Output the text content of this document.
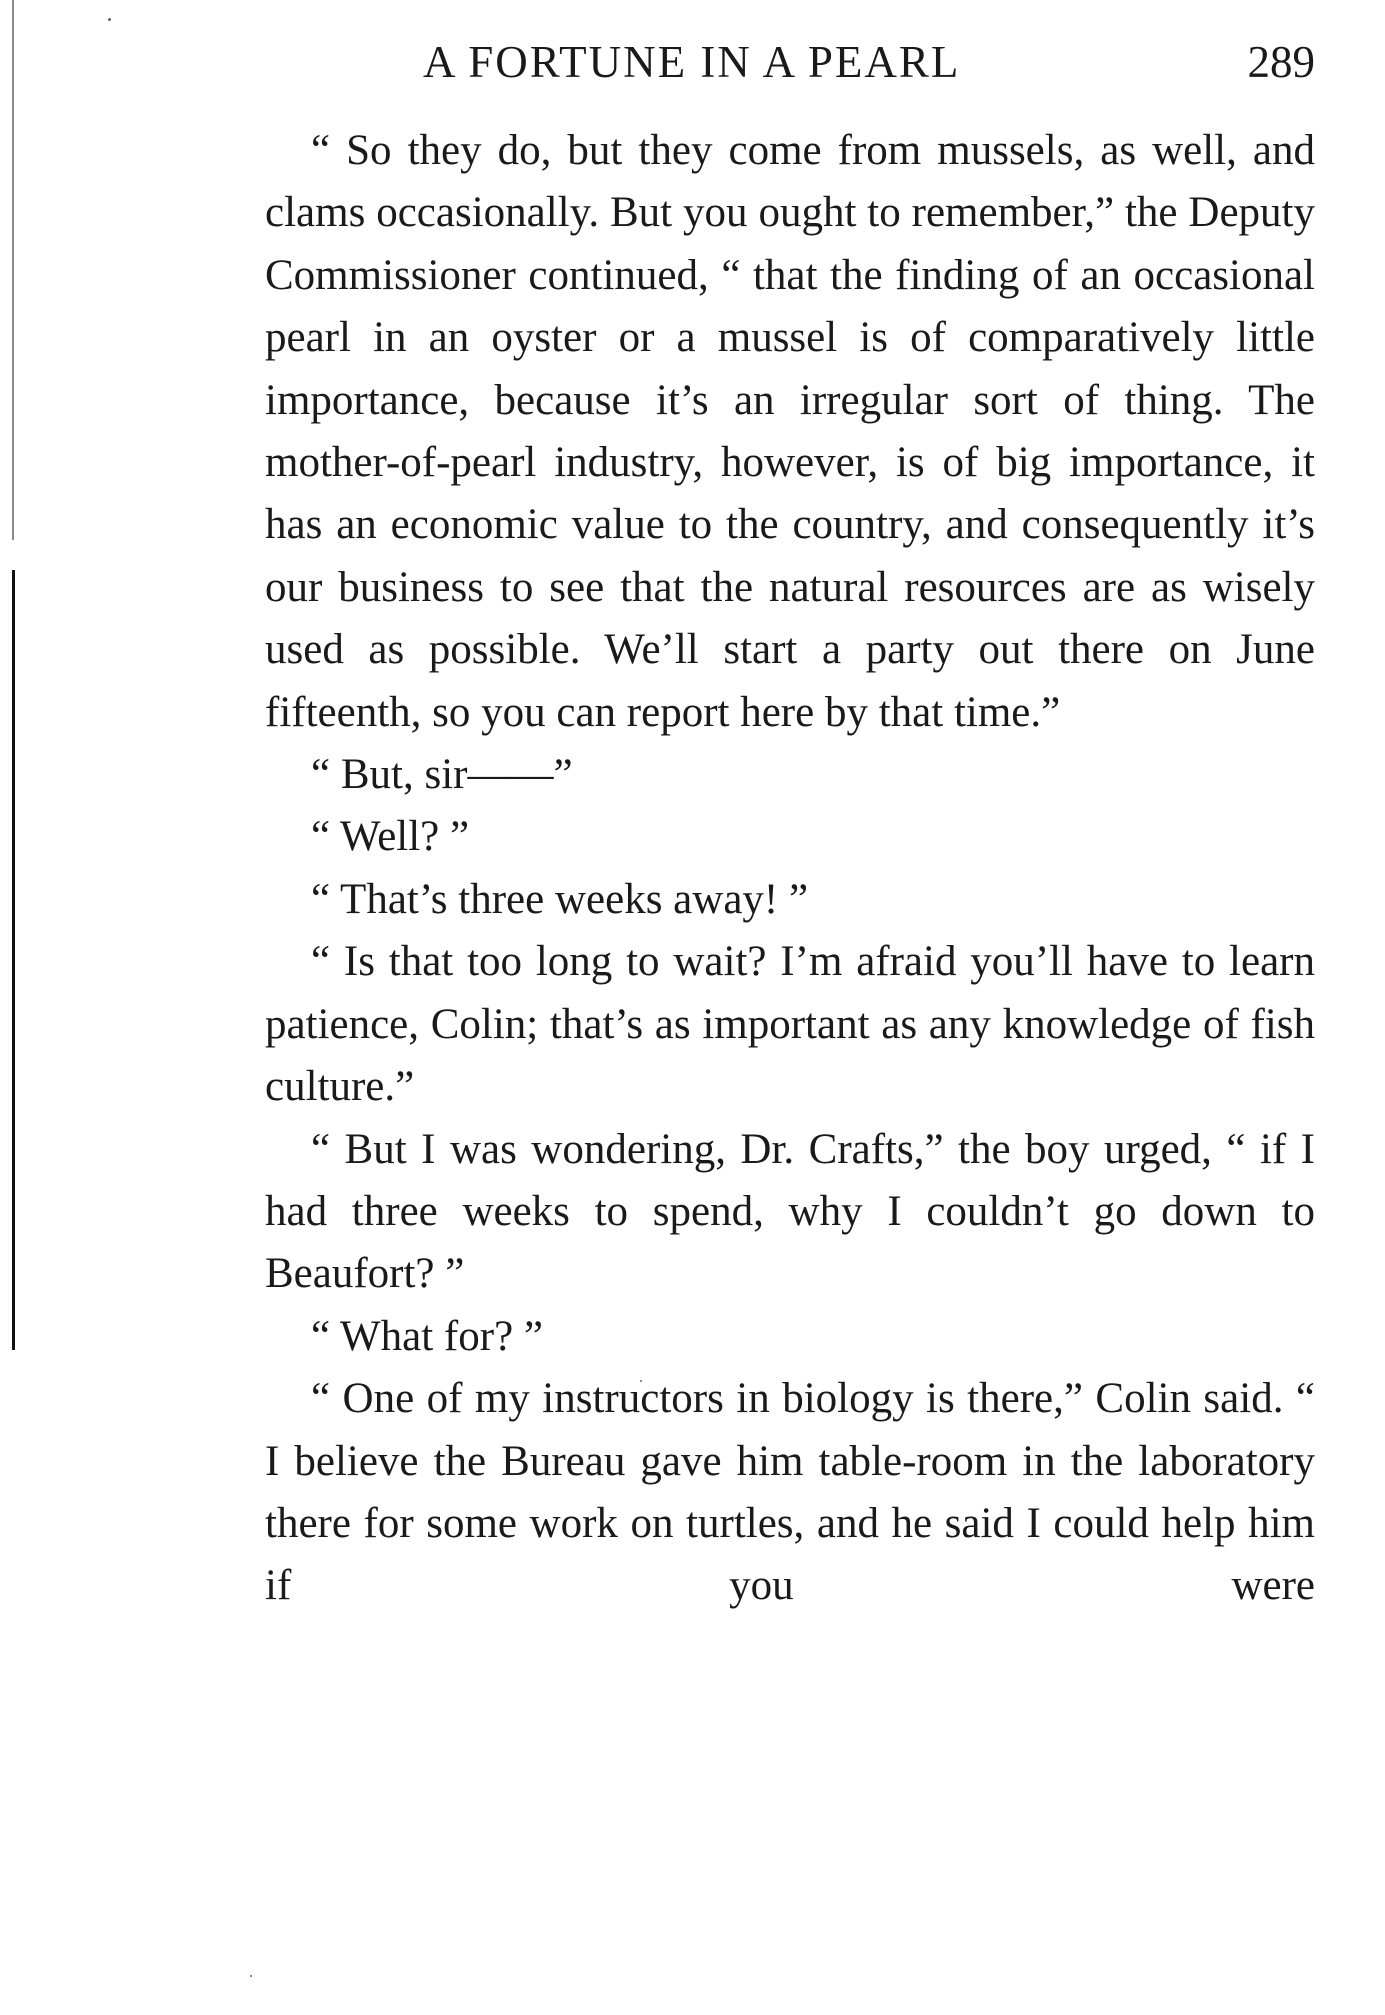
A FORTUNE IN A PEARL	289

“ So they do, but they come from mussels, as well, and clams occasionally. But you ought to remember,” the Deputy Commissioner continued, “ that the finding of an occasional pearl in an oyster or a mussel is of comparatively little importance, because it’s an irregular sort of thing. The mother-of-pearl industry, however, is of big importance, it has an economic value to the country, and consequently it’s our business to see that the natural resources are as wisely used as possible. We’ll start a party out there on June fifteenth, so you can report here by that time.”

“ But, sir——”

“ Well? ”

“ That’s three weeks away! ”

“ Is that too long to wait? I’m afraid you’ll have to learn patience, Colin; that’s as important as any knowledge of fish culture.”

“ But I was wondering, Dr. Crafts,” the boy urged, “ if I had three weeks to spend, why I couldn’t go down to Beaufort? ”

“ What for? ”

“ One of my instructors in biology is there,” Colin said. “ I believe the Bureau gave him table-room in the laboratory there for some work on turtles, and he said I could help him if you were
